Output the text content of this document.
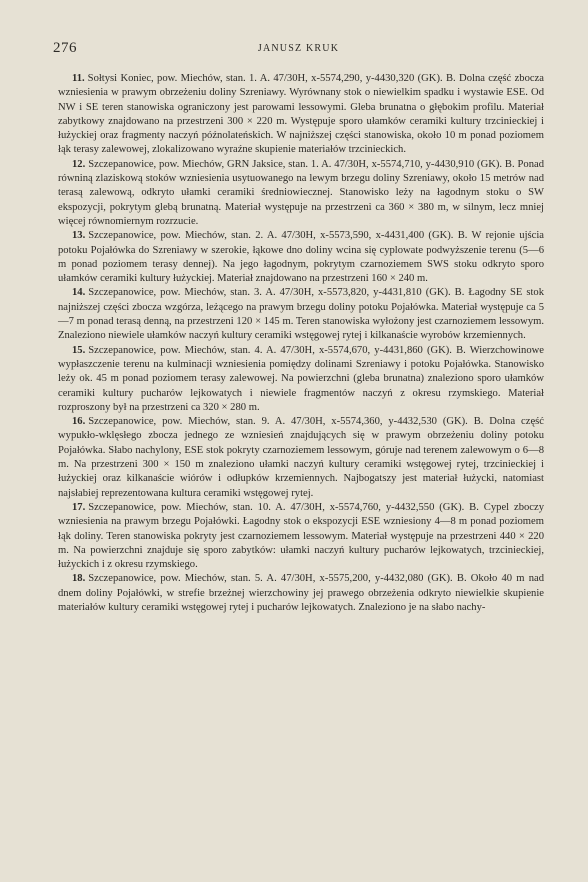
276	JANUSZ KRUK

11. Sołtysi Koniec, pow. Miechów, stan. 1. A. 47/30H, x-5574,290, y-4430,320 (GK). B. Dolna część zbocza wzniesienia w prawym obrzeżeniu doliny Szreniawy. Wyrównany stok o niewielkim spadku i wystawie ESE. Od NW i SE teren stanowiska ograniczony jest parowami lessowymi. Gleba brunatna o głębokim profilu. Materiał zabytkowy znajdowano na przestrzeni 300 × 220 m. Występuje sporo ułamków ceramiki kultury trzcinieckiej i łużyckiej oraz fragmenty naczyń późnolateńskich. W najniższej części stanowiska, około 10 m ponad poziomem łąk terasy zalewowej, zlokalizowano wyraźne skupienie materiałów trzcinieckich.

12. Szczepanowice, pow. Miechów, GRN Jaksice, stan. 1. A. 47/30H, x-5574,710, y-4430,910 (GK). B. Ponad równiną zlaziskową stoków wzniesienia usytuowanego na lewym brzegu doliny Szreniawy, około 15 metrów nad terasą zalewową, odkryto ułamki ceramiki średniowiecznej. Stanowisko leży na łagodnym stoku o SW ekspozycji, pokrytym glebą brunatną. Materiał występuje na przestrzeni ca 360 × 380 m, w silnym, lecz mniej więcej równomiernym rozrzucie.

13. Szczepanowice, pow. Miechów, stan. 2. A. 47/30H, x-5573,590, x-4431,400 (GK). B. W rejonie ujścia potoku Pojałówka do Szreniawy w szerokie, łąkowe dno doliny wcina się cyplowate podwyższenie terenu (5—6 m ponad poziomem terasy dennej). Na jego łagodnym, pokrytym czarnoziemem SWS stoku odkryto sporo ułamków ceramiki kultury łużyckiej. Materiał znajdowano na przestrzeni 160 × 240 m.

14. Szczepanowice, pow. Miechów, stan. 3. A. 47/30H, x-5573,820, y-4431,810 (GK). B. Łagodny SE stok najniższej części zbocza wzgórza, leżącego na prawym brzegu doliny potoku Pojałówka. Materiał występuje ca 5—7 m ponad terasą denną, na przestrzeni 120 × 145 m. Teren stanowiska wyłożony jest czarnoziemem lessowym. Znaleziono niewiele ułamków naczyń kultury ceramiki wstęgowej rytej i kilkanaście wyrobów krzemiennych.

15. Szczepanowice, pow. Miechów, stan. 4. A. 47/30H, x-5574,670, y-4431,860 (GK). B. Wierzchowinowe wypłaszczenie terenu na kulminacji wzniesienia pomiędzy dolinami Szreniawy i potoku Pojałówka. Stanowisko leży ok. 45 m ponad poziomem terasy zalewowej. Na powierzchni (gleba brunatna) znaleziono sporo ułamków ceramiki kultury pucharów lejkowatych i niewiele fragmentów naczyń z okresu rzymskiego. Materiał rozproszony był na przestrzeni ca 320 × 280 m.

16. Szczepanowice, pow. Miechów, stan. 9. A. 47/30H, x-5574,360, y-4432,530 (GK). B. Dolna część wypukło-wklęsłego zbocza jednego ze wzniesień znajdujących się w prawym obrzeżeniu doliny potoku Pojałówka. Słabo nachylony, ESE stok pokryty czarnoziemem lessowym, góruje nad terenem zalewowym o 6—8 m. Na przestrzeni 300 × 150 m znaleziono ułamki naczyń kultury ceramiki wstęgowej rytej, trzcinieckiej i łużyckiej oraz kilkanaście wiórów i odłupków krzemiennych. Najbogatszy jest materiał łużycki, natomiast najsłabiej reprezentowana kultura ceramiki wstęgowej rytej.

17. Szczepanowice, pow. Miechów, stan. 10. A. 47/30H, x-5574,760, y-4432,550 (GK). B. Cypel zboczy wzniesienia na prawym brzegu Pojałówki. Łagodny stok o ekspozycji ESE wzniesiony 4—8 m ponad poziomem łąk doliny. Teren stanowiska pokryty jest czarnoziemem lessowym. Materiał występuje na przestrzeni 440 × 220 m. Na powierzchni znajduje się sporo zabytków: ułamki naczyń kultury pucharów lejkowatych, trzcinieckiej, łużyckich i z okresu rzymskiego.

18. Szczepanowice, pow. Miechów, stan. 5. A. 47/30H, x-5575,200, y-4432,080 (GK). B. Około 40 m nad dnem doliny Pojałówki, w strefie brzeżnej wierzchowiny jej prawego obrzeżenia odkryto niewielkie skupienie materiałów kultury ceramiki wstęgowej rytej i pucharów lejkowatych. Znaleziono je na słabo nachy-
